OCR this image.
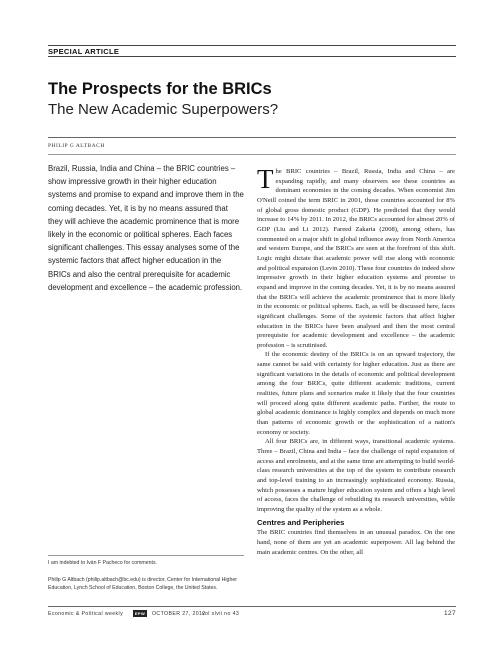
SPECIAL ARTICLE
The Prospects for the BRICs
The New Academic Superpowers?
PHILIP G ALTBACH

Brazil, Russia, India and China – the BRIC countries – show impressive growth in their higher education systems and promise to expand and improve them in the coming decades. Yet, it is by no means assured that they will achieve the academic prominence that is more likely in the economic or political spheres. Each faces significant challenges. This essay analyses some of the systemic factors that affect higher education in the BRICs and also the central prerequisite for academic development and excellence – the academic profession.

I am indebted to Iván F Pacheco for comments.

Philip G Altbach (philip.altbach@bc.edu) is director, Center for International Higher Education, Lynch School of Education, Boston College, the United States.

The BRIC countries – Brazil, Russia, India and China – are expanding rapidly, and many observers see these countries as dominant economies in the coming decades. When economist Jim O'Neill coined the term BRIC in 2001, those countries accounted for 8% of global gross domestic product (GDP). He predicted that they would increase to 14% by 2011. In 2012, the BRICs accounted for almost 20% of GDP (Liu and Li 2012). Fareed Zakaria (2008), among others, has commented on a major shift in global influence away from North America and western Europe, and the BRICs are seen at the forefront of this shift. Logic might dictate that academic power will rise along with economic and political expansion (Levin 2010). These four countries do indeed show impressive growth in their higher education systems and promise to expand and improve in the coming decades. Yet, it is by no means assured that the BRICs will achieve the academic prominence that is more likely in the economic or political spheres. Each, as will be discussed here, faces significant challenges. Some of the systemic factors that affect higher education in the BRICs have been analysed and then the most central prerequisite for academic development and excellence – the academic profession – is scrutinised.

If the economic destiny of the BRICs is on an upward trajectory, the same cannot be said with certainty for higher education. Just as there are significant variations in the details of economic and political development among the four BRICs, quite different academic traditions, current realities, future plans and scenarios make it likely that the four countries will proceed along quite different academic paths. Further, the route to global academic dominance is highly complex and depends on much more than patterns of economic growth or the sophistication of a nation's economy or society.

All four BRICs are, in different ways, transitional academic systems. Three – Brazil, China and India – face the challenge of rapid expansion of access and enrolments, and at the same time are attempting to build world-class research universities at the top of the system to contribute research and top-level training to an increasingly sophisticated economy. Russia, which possesses a mature higher education system and offers a high level of access, faces the challenge of rebuilding its research universities, while improving the quality of the system as a whole.

Centres and Peripheries

The BRIC countries find themselves in an unusual paradox. On the one hand, none of them are yet an academic superpower. All lag behind the main academic centres. On the other, all

Economic & Political weekly	EPW	OCTOBER 27, 2012
vol xlvii no 43	127
